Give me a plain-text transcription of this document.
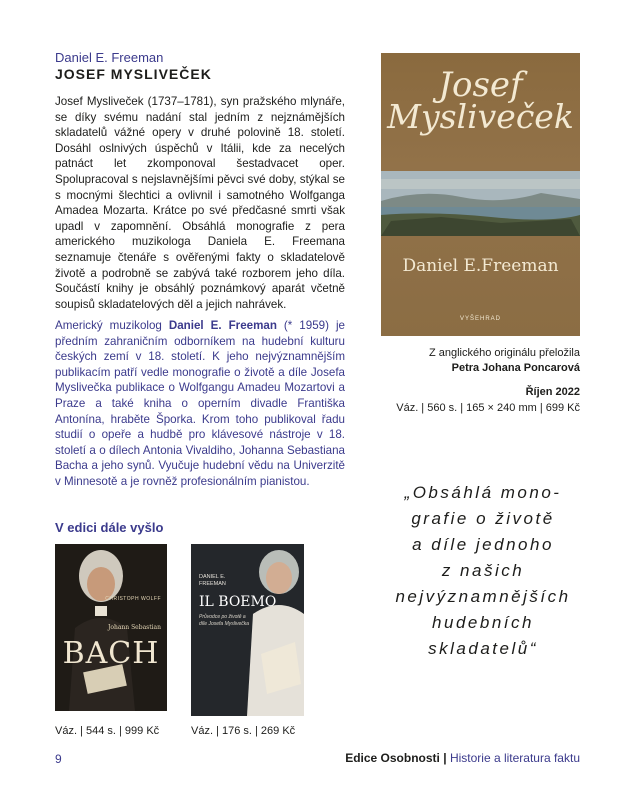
Daniel E. Freeman
JOSEF MYSLIVEČEK

Josef Mysliveček (1737–1781), syn pražského mlynáře, se díky svému nadání stal jedním z nejznámějších skladatelů vážné opery v druhé polovině 18. století. Dosáhl oslnivých úspěchů v Itálii, kde za necelých patnáct let zkomponoval šestadvacet oper. Spolupracoval s nejslavnějšími pěvci své doby, stýkal se s mocnými šlechtici a ovlivnil i samotného Wolfganga Amadea Mozarta. Krátce po své předčasné smrti však upadl v zapomnění. Obsáhlá monografie z pera amerického muzikologa Daniela E. Freemana seznamuje čtenáře s ověřenými fakty o skladatelově životě a podrobně se zabývá také rozborem jeho díla. Součástí knihy je obsáhlý poznámkový aparát včetně soupisů skladatelových děl a jejich nahrávek.

Americký muzikolog Daniel E. Freeman (* 1959) je předním zahraničním odborníkem na hudební kulturu českých zemí v 18. století. K jeho nejvýznamnějším publikacím patří vedle monografie o životě a díle Josefa Myslivečka publikace o Wolfgangu Amadeu Mozartovi a Praze a také kniha o operním divadle Františka Antonína, hraběte Šporka. Krom toho publikoval řadu studií o opeře a hudbě pro klávesové nástroje v 18. století a o dílech Antonia Vivaldiho, Johanna Sebastiana Bacha a jeho synů. Vyučuje hudební vědu na Univerzitě v Minnesotě a je rovněž profesionálním pianistou.

Josef
Mysliveček
Daniel E.Freeman
VYŠEHRAD
Z anglického originálu přeložila
Petra Johana Poncarová
Říjen 2022
Váz. | 560 s. | 165 × 240 mm | 699 Kč
„Obsáhlá mono-
grafie o životě
a díle jednoho
z našich
nejvýznamnějších
hudebních
skladatelů“
V edici dále vyšlo
CHRISTOPH WOLFF
Johann Sebastian
BACH
DANIEL E. FREEMAN
IL BOEMO
Průvodce po životě a díle Josefa Myslivečka
Váz. | 544 s. | 999 Kč	Váz. | 176 s. | 269 Kč
9	Edice Osobnosti | Historie a literatura faktu
